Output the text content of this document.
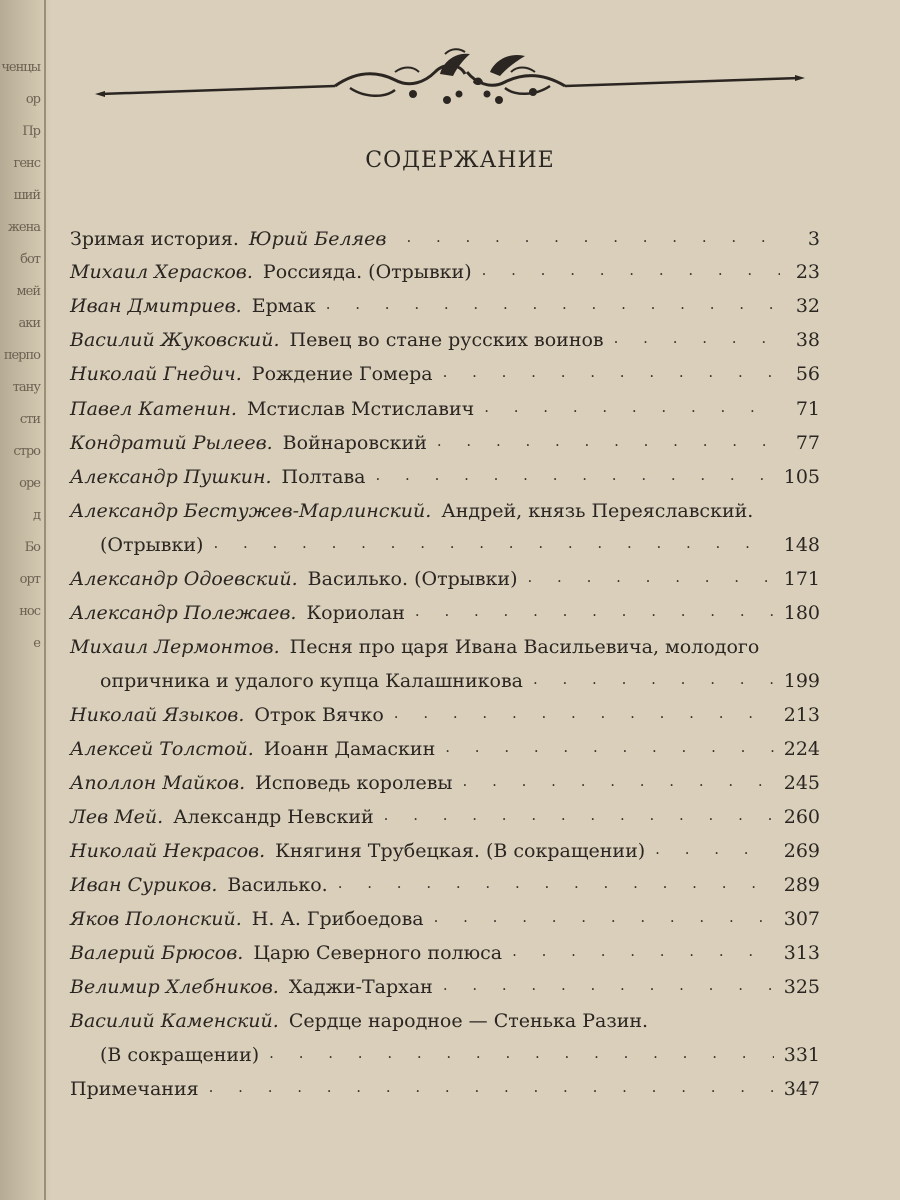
ченцы
ор
Пр
генс
ший
жена
бот
мей
аки
перпо
тану
сти
стро
оре
д
Бо
орт
нос
е
СОДЕРЖАНИЕ
Зримая история. Юрий Беляев . . .	3
Михаил Херасков. Россияда. (Отрывки) . . .	23
Иван Дмитриев. Ермак . . .	32
Василий Жуковский. Певец во стане русских воинов . . .	38
Николай Гнедич. Рождение Гомера . . .	56
Павел Катенин. Мстислав Мстиславич . . .	71
Кондратий Рылеев. Войнаровский . . .	77
Александр Пушкин. Полтава . . .	105
Александр Бестужев-Марлинский. Андрей, князь Переяславский.
(Отрывки) . . .	148
Александр Одоевский. Василько. (Отрывки) . . .	171
Александр Полежаев. Кориолан . . .	180
Михаил Лермонтов. Песня про царя Ивана Васильевича, молодого
опричника и удалого купца Калашникова . . .	199
Николай Языков. Отрок Вячко . . .	213
Алексей Толстой. Иоанн Дамаскин . . .	224
Аполлон Майков. Исповедь королевы . . .	245
Лев Мей. Александр Невский . . .	260
Николай Некрасов. Княгиня Трубецкая. (В сокращении) . . .	269
Иван Суриков. Василько. . . .	289
Яков Полонский. Н. А. Грибоедова . . .	307
Валерий Брюсов. Царю Северного полюса . . .	313
Велимир Хлебников. Хаджи-Тархан . . .	325
Василий Каменский. Сердце народное — Стенька Разин.
(В сокращении) . . .	331
Примечания . . .	347
